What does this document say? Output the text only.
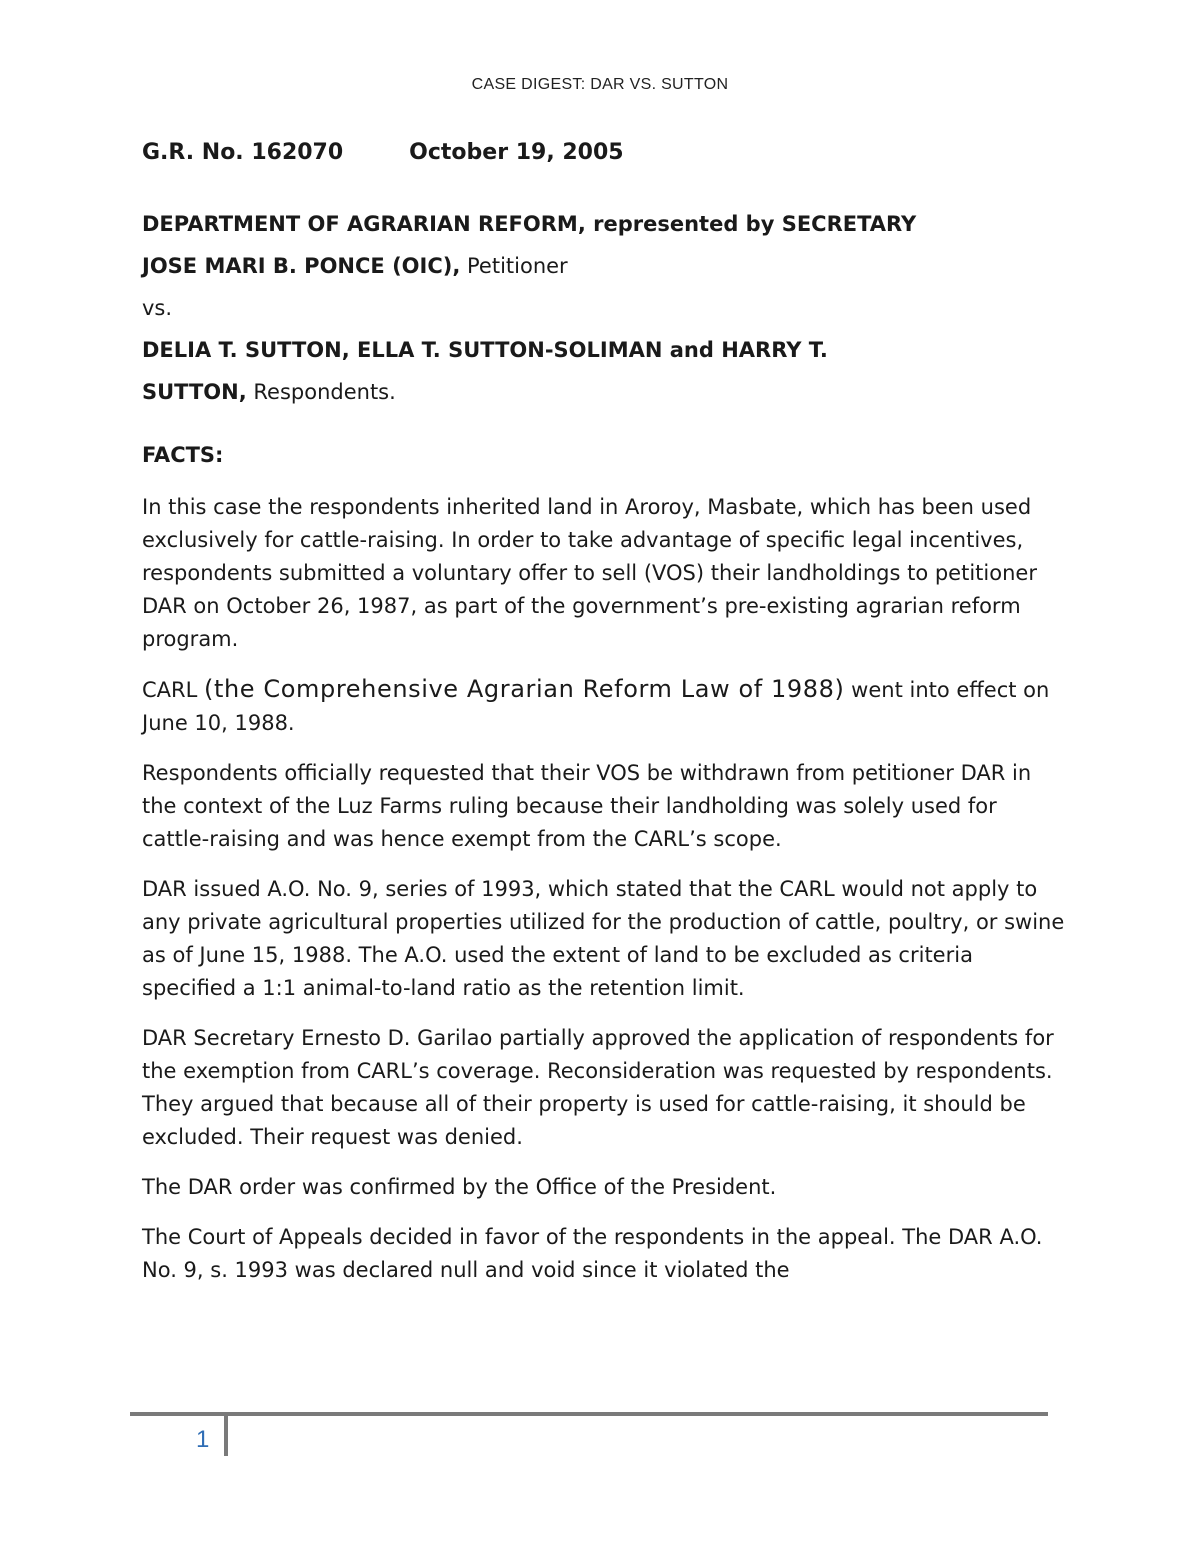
CASE DIGEST: DAR VS. SUTTON
G.R. No. 162070	October 19, 2005

DEPARTMENT OF AGRARIAN REFORM, represented by SECRETARY

JOSE MARI B. PONCE (OIC), Petitioner

vs.

DELIA T. SUTTON, ELLA T. SUTTON-SOLIMAN and HARRY T.

SUTTON, Respondents.

FACTS:

In this case the respondents inherited land in Aroroy, Masbate, which has been used exclusively for cattle-raising. In order to take advantage of specific legal incentives, respondents submitted a voluntary offer to sell (VOS) their landholdings to petitioner DAR on October 26, 1987, as part of the government’s pre-existing agrarian reform program.

CARL (the Comprehensive Agrarian Reform Law of 1988) went into effect on June 10, 1988.

Respondents officially requested that their VOS be withdrawn from petitioner DAR in the context of the Luz Farms ruling because their landholding was solely used for cattle-raising and was hence exempt from the CARL’s scope.

DAR issued A.O. No. 9, series of 1993, which stated that the CARL would not apply to any private agricultural properties utilized for the production of cattle, poultry, or swine as of June 15, 1988. The A.O. used the extent of land to be excluded as criteria specified a 1:1 animal-to-land ratio as the retention limit.

DAR Secretary Ernesto D. Garilao partially approved the application of respondents for the exemption from CARL’s coverage. Reconsideration was requested by respondents. They argued that because all of their property is used for cattle-raising, it should be excluded. Their request was denied.

The DAR order was confirmed by the Office of the President.

The Court of Appeals decided in favor of the respondents in the appeal. The DAR A.O. No. 9, s. 1993 was declared null and void since it violated the

1
